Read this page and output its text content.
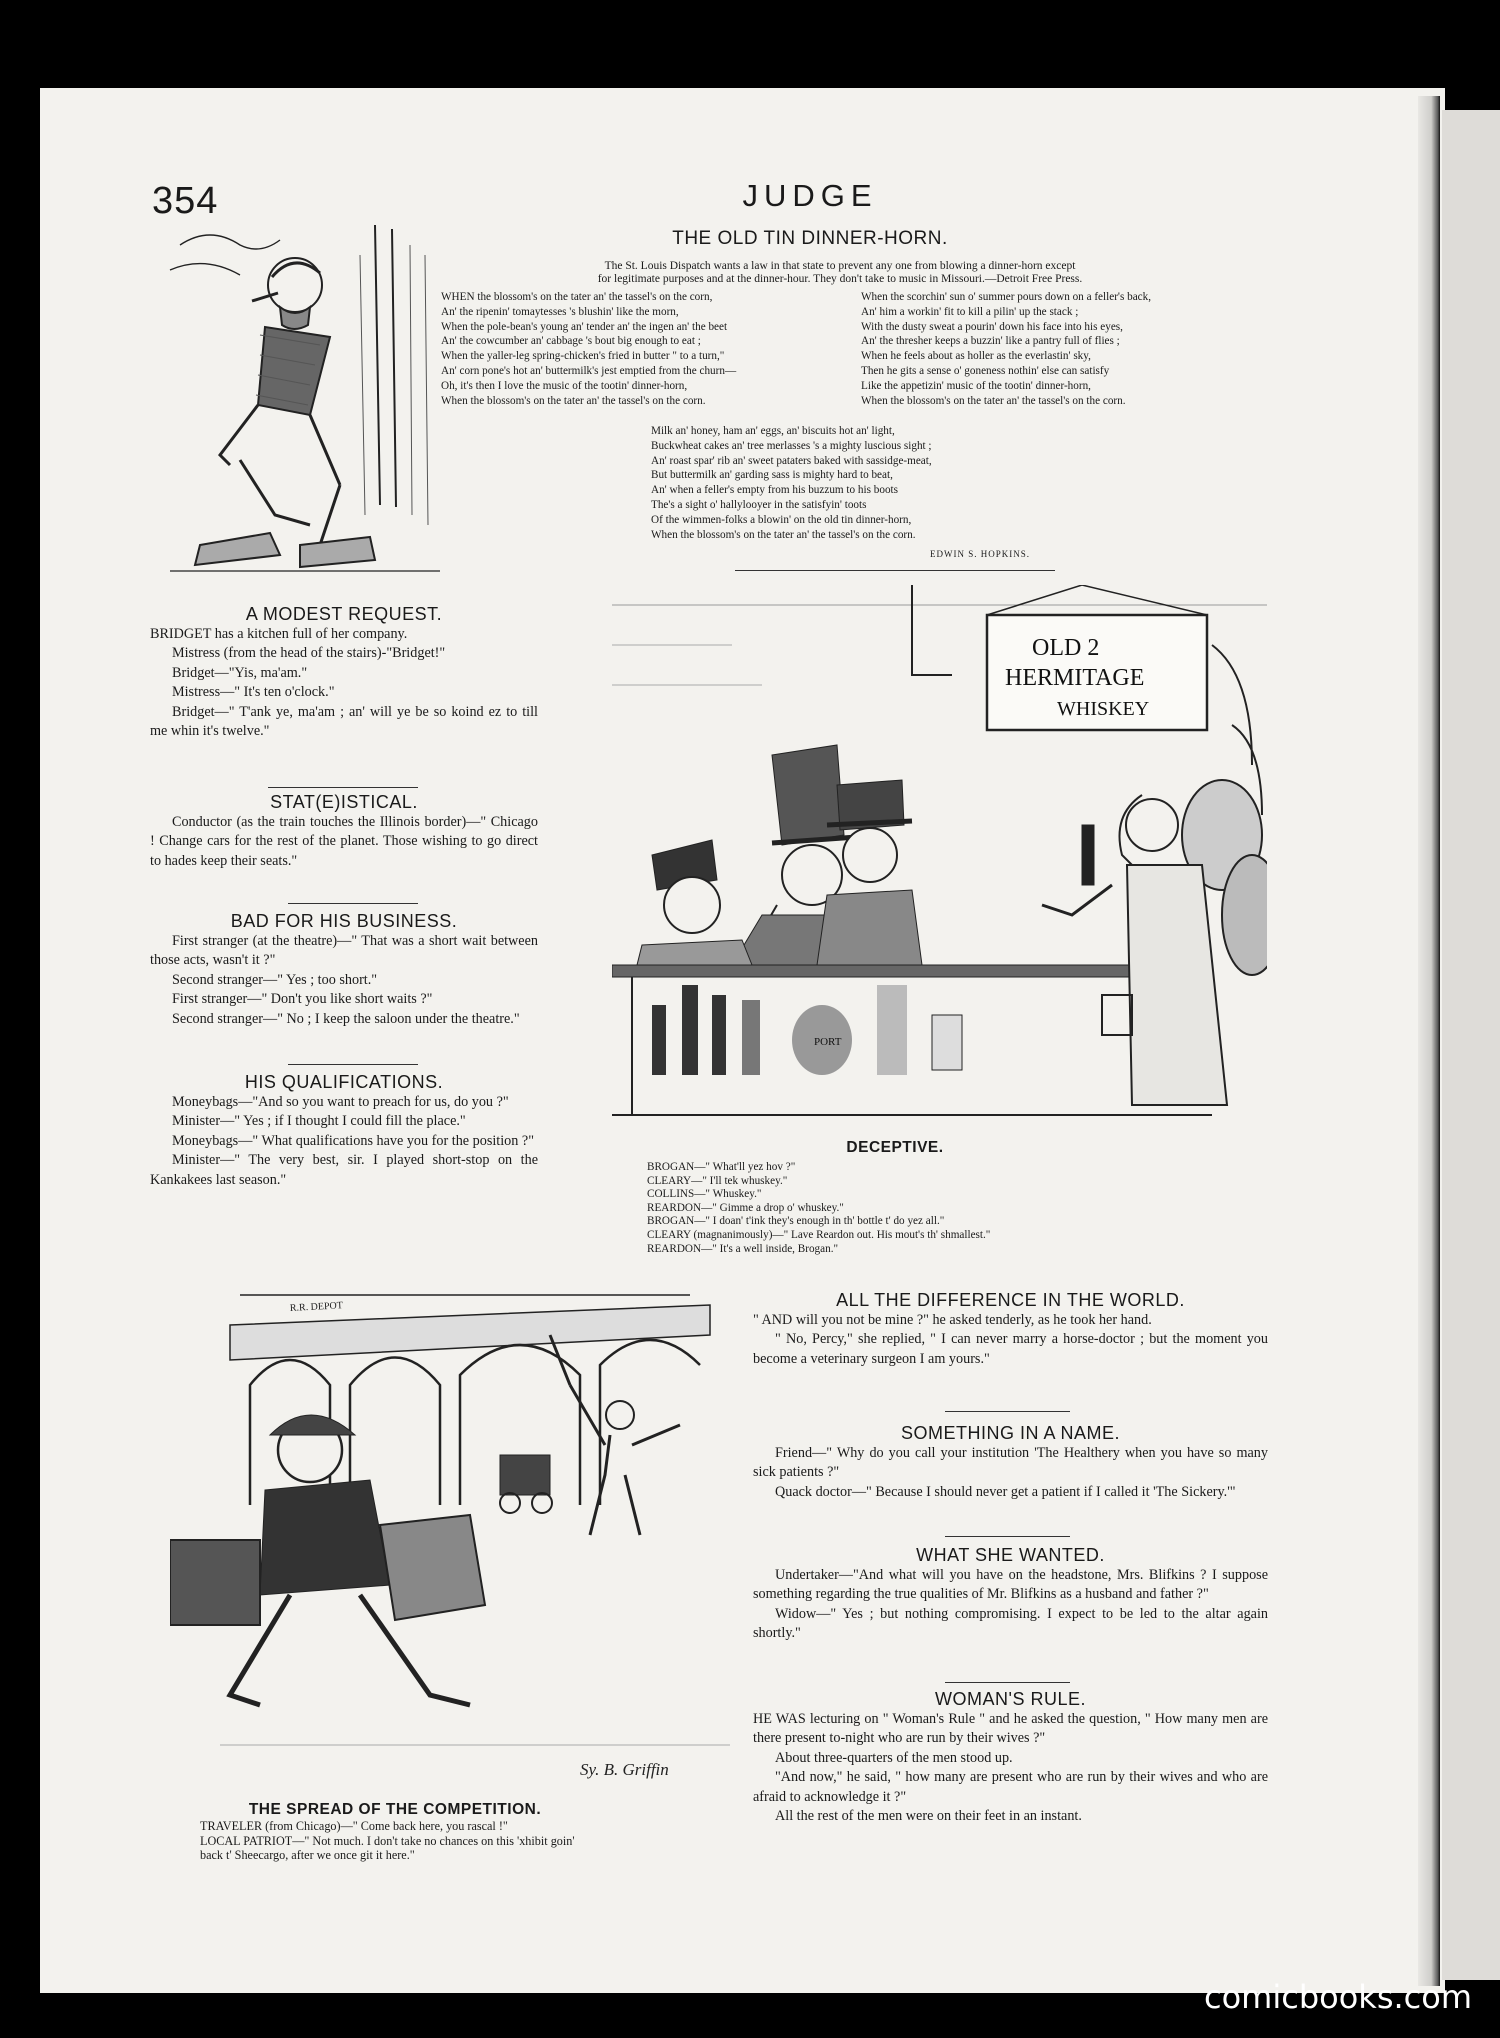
354	JUDGE
THE OLD TIN DINNER-HORN.
The St. Louis Dispatch wants a law in that state to prevent any one from blowing a dinner-horn except
for legitimate purposes and at the dinner-hour. They don't take to music in Missouri.—Detroit Free Press.
WHEN the blossom's on the tater an' the tassel's on the corn,
An' the ripenin' tomaytesses 's blushin' like the morn,
When the pole-bean's young an' tender an' the ingen an' the beet
An' the cowcumber an' cabbage 's bout big enough to eat ;
When the yaller-leg spring-chicken's fried in butter " to a turn,"
An' corn pone's hot an' buttermilk's jest emptied from the churn—
Oh, it's then I love the music of the tootin' dinner-horn,
When the blossom's on the tater an' the tassel's on the corn.
When the scorchin' sun o' summer pours down on a feller's back,
An' him a workin' fit to kill a pilin' up the stack ;
With the dusty sweat a pourin' down his face into his eyes,
An' the thresher keeps a buzzin' like a pantry full of flies ;
When he feels about as holler as the everlastin' sky,
Then he gits a sense o' goneness nothin' else can satisfy
Like the appetizin' music of the tootin' dinner-horn,
When the blossom's on the tater an' the tassel's on the corn.
Milk an' honey, ham an' eggs, an' biscuits hot an' light,
Buckwheat cakes an' tree merlasses 's a mighty luscious sight ;
An' roast spar' rib an' sweet pataters baked with sassidge-meat,
But buttermilk an' garding sass is mighty hard to beat,
An' when a feller's empty from his buzzum to his boots
The's a sight o' hallylooyer in the satisfyin' toots
Of the wimmen-folks a blowin' on the old tin dinner-horn,
When the blossom's on the tater an' the tassel's on the corn.
EDWIN S. HOPKINS.
A MODEST REQUEST.

BRIDGET has a kitchen full of her company.

Mistress (from the head of the stairs)-"Bridget!"

Bridget—"Yis, ma'am."

Mistress—" It's ten o'clock."

Bridget—" T'ank ye, ma'am ; an' will ye be so koind ez to till me whin it's twelve."

STAT(E)ISTICAL.

Conductor (as the train touches the Illinois border)—" Chicago ! Change cars for the rest of the planet. Those wishing to go direct to hades keep their seats."

BAD FOR HIS BUSINESS.

First stranger (at the theatre)—" That was a short wait between those acts, wasn't it ?"

Second stranger—" Yes ; too short."

First stranger—" Don't you like short waits ?"

Second stranger—" No ; I keep the saloon under the theatre."

HIS QUALIFICATIONS.

Moneybags—"And so you want to preach for us, do you ?"

Minister—" Yes ; if I thought I could fill the place."

Moneybags—" What qualifications have you for the position ?"

Minister—" The very best, sir. I played short-stop on the Kankakees last season."

OLD 2
HERMITAGE
WHISKEY
PORT
DECEPTIVE.
BROGAN—" What'll yez hov ?"
CLEARY—" I'll tek whuskey."
COLLINS—" Whuskey."
REARDON—" Gimme a drop o' whuskey."
BROGAN—" I doan' t'ink they's enough in th' bottle t' do yez all."
CLEARY (magnanimously)—" Lave Reardon out. His mout's th' shmallest."
REARDON—" It's a well inside, Brogan."
ALL THE DIFFERENCE IN THE WORLD.

" AND will you not be mine ?" he asked tenderly, as he took her hand.

" No, Percy," she replied, " I can never marry a horse-doctor ; but the moment you become a veterinary surgeon I am yours."

SOMETHING IN A NAME.

Friend—" Why do you call your institution 'The Healthery when you have so many sick patients ?"

Quack doctor—" Because I should never get a patient if I called it 'The Sickery.'"

WHAT SHE WANTED.

Undertaker—"And what will you have on the headstone, Mrs. Blifkins ? I suppose something regarding the true qualities of Mr. Blifkins as a husband and father ?"

Widow—" Yes ; but nothing compromising. I expect to be led to the altar again shortly."

WOMAN'S RULE.

HE WAS lecturing on " Woman's Rule " and he asked the question, " How many men are there present to-night who are run by their wives ?"

About three-quarters of the men stood up.

"And now," he said, " how many are present who are run by their wives and who are afraid to acknowledge it ?"

All the rest of the men were on their feet in an instant.

R.R. DEPOT
Sy. B. Griffin
THE SPREAD OF THE COMPETITION.
TRAVELER (from Chicago)—" Come back here, you rascal !"
LOCAL PATRIOT—" Not much. I don't take no chances on this 'xhibit goin' back t' Sheecargo, after we once git it here."
comicbooks.com
